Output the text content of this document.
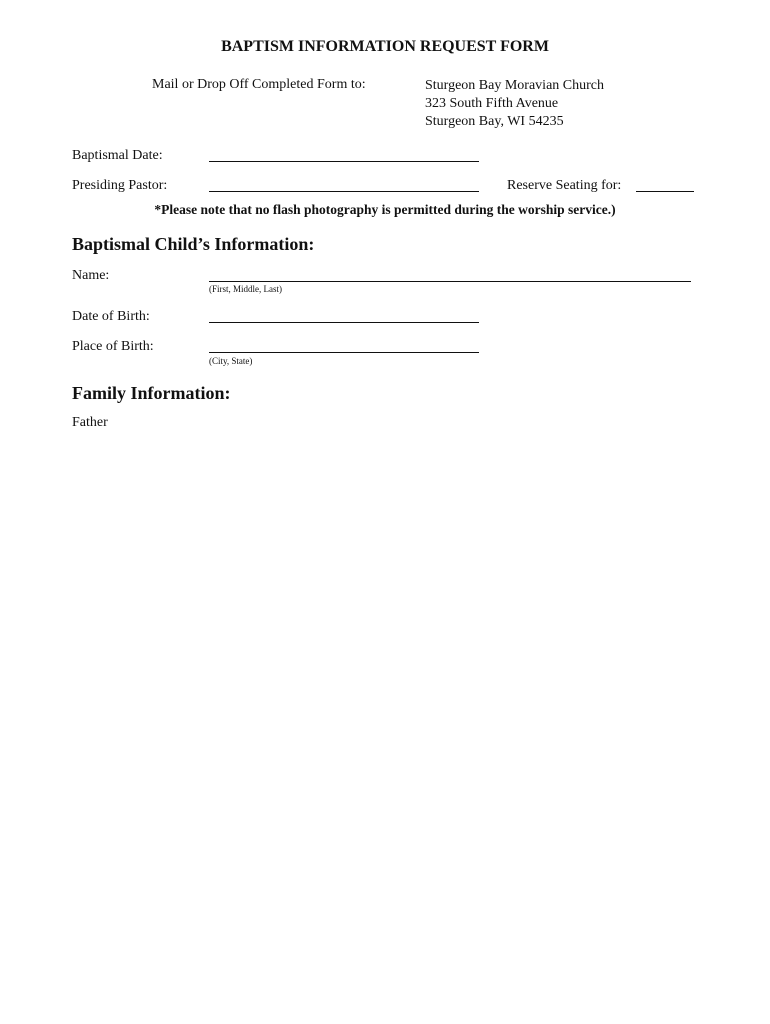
BAPTISM INFORMATION REQUEST FORM
Mail or Drop Off Completed Form to:	Sturgeon Bay Moravian Church
323 South Fifth Avenue
Sturgeon Bay, WI 54235
Baptismal Date:
Presiding Pastor:	Reserve Seating for:
*Please note that no flash photography is permitted during the worship service.)
Baptismal Child’s Information:
Name:
(First, Middle, Last)
Date of Birth:
Place of Birth:
(City, State)
Family Information:
Father
